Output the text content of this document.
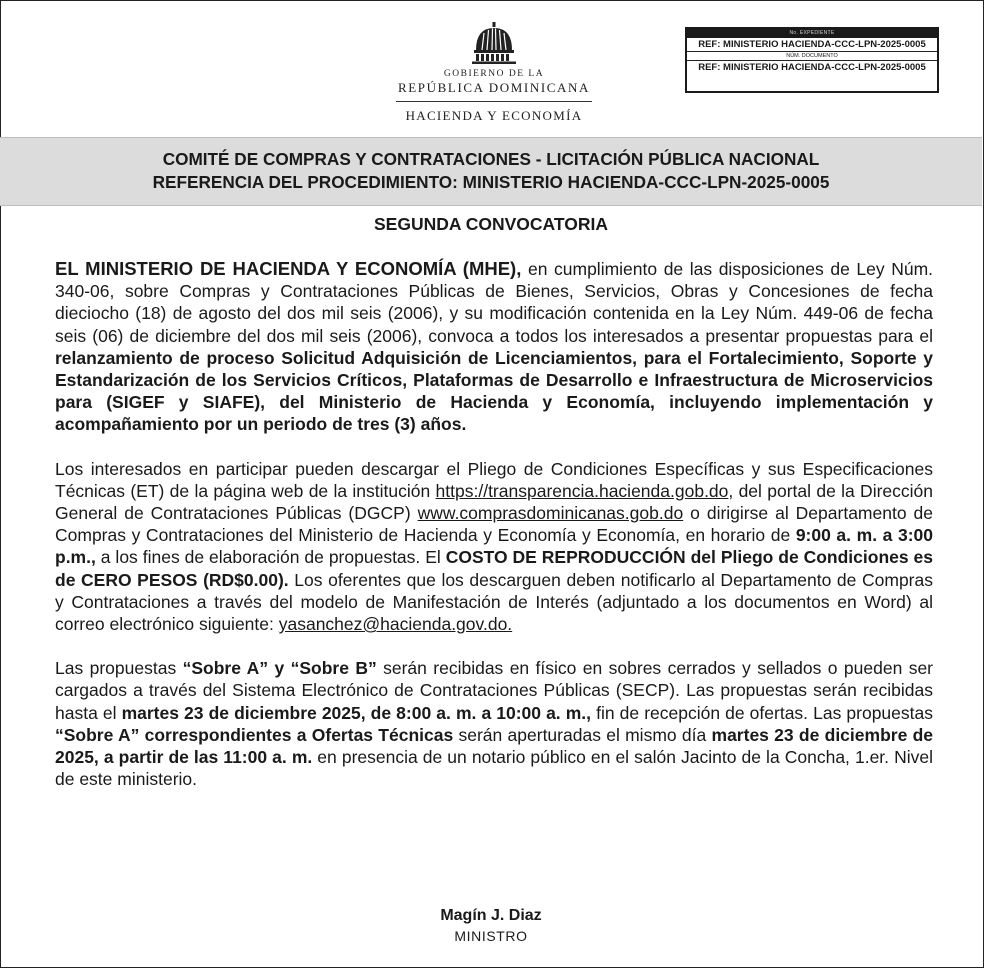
GOBIERNO DE LA
REPÚBLICA DOMINICANA
HACIENDA Y ECONOMÍA
No. EXPEDIENTE
REF: MINISTERIO HACIENDA-CCC-LPN-2025-0005
NÚM. DOCUMENTO
REF: MINISTERIO HACIENDA-CCC-LPN-2025-0005
COMITÉ DE COMPRAS Y CONTRATACIONES - LICITACIÓN PÚBLICA NACIONAL
REFERENCIA DEL PROCEDIMIENTO: MINISTERIO HACIENDA-CCC-LPN-2025-0005
SEGUNDA CONVOCATORIA

EL MINISTERIO DE HACIENDA Y ECONOMÍA (MHE), en cumplimiento de las disposiciones de Ley Núm. 340-06, sobre Compras y Contrataciones Públicas de Bienes, Servicios, Obras y Concesiones de fecha dieciocho (18) de agosto del dos mil seis (2006), y su modificación contenida en la Ley Núm. 449-06 de fecha seis (06) de diciembre del dos mil seis (2006), convoca a todos los interesados a presentar propuestas para el relanzamiento de proceso Solicitud Adquisición de Licenciamientos, para el Fortalecimiento, Soporte y Estandarización de los Servicios Críticos, Plataformas de Desarrollo e Infraestructura de Microservicios para (SIGEF y SIAFE), del Ministerio de Hacienda y Economía, incluyendo implementación y acompañamiento por un periodo de tres (3) años.

Los interesados en participar pueden descargar el Pliego de Condiciones Específicas y sus Especificaciones Técnicas (ET) de la página web de la institución https://transparencia.hacienda.gob.do, del portal de la Dirección General de Contrataciones Públicas (DGCP) www.comprasdominicanas.gob.do o dirigirse al Departamento de Compras y Contrataciones del Ministerio de Hacienda y Economía y Economía, en horario de 9:00 a. m. a 3:00 p.m., a los fines de elaboración de propuestas. El COSTO DE REPRODUCCIÓN del Pliego de Condiciones es de CERO PESOS (RD$0.00). Los oferentes que los descarguen deben notificarlo al Departamento de Compras y Contrataciones a través del modelo de Manifestación de Interés (adjuntado a los documentos en Word) al correo electrónico siguiente: yasanchez@hacienda.gov.do.

Las propuestas “Sobre A” y “Sobre B” serán recibidas en físico en sobres cerrados y sellados o pueden ser cargados a través del Sistema Electrónico de Contrataciones Públicas (SECP). Las propuestas serán recibidas hasta el martes 23 de diciembre 2025, de 8:00 a. m. a 10:00 a. m., fin de recepción de ofertas. Las propuestas “Sobre A” correspondientes a Ofertas Técnicas serán aperturadas el mismo día martes 23 de diciembre de 2025, a partir de las 11:00 a. m. en presencia de un notario público en el salón Jacinto de la Concha, 1.er. Nivel de este ministerio.

Magín J. Diaz
MINISTRO
